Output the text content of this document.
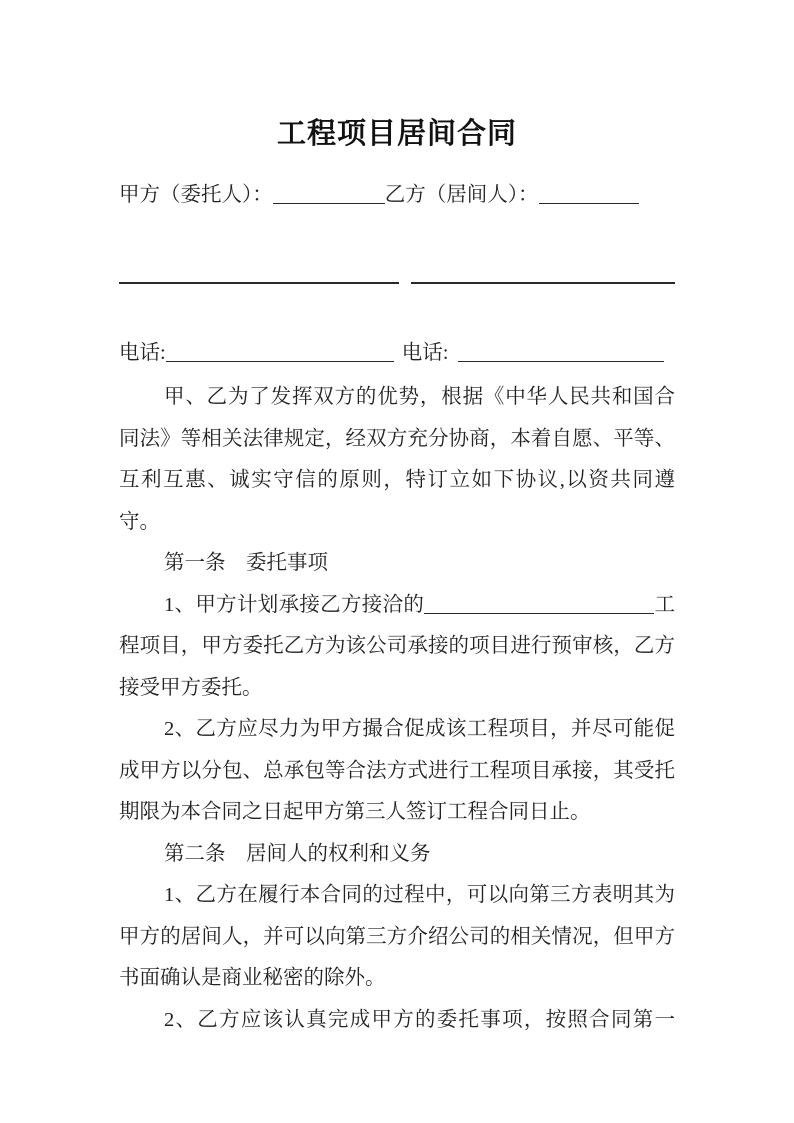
工程项目居间合同
甲方（委托人）：	乙方（居间人）：
电话:	电话:

甲、乙为了发挥双方的优势，根据《中华人民共和国合同法》等相关法律规定，经双方充分协商，本着自愿、平等、互利互惠、诚实守信的原则，特订立如下协议,以资共同遵守。

第一条　委托事项

1、甲方计划承接乙方接洽的	工程项目，甲方委托乙方为该公司承接的项目进行预审核，乙方接受甲方委托。

2、乙方应尽力为甲方撮合促成该工程项目，并尽可能促成甲方以分包、总承包等合法方式进行工程项目承接，其受托期限为本合同之日起甲方第三人签订工程合同日止。

第二条　居间人的权利和义务

1、乙方在履行本合同的过程中，可以向第三方表明其为甲方的居间人，并可以向第三方介绍公司的相关情况，但甲方书面确认是商业秘密的除外。

2、乙方应该认真完成甲方的委托事项，按照合同第一
